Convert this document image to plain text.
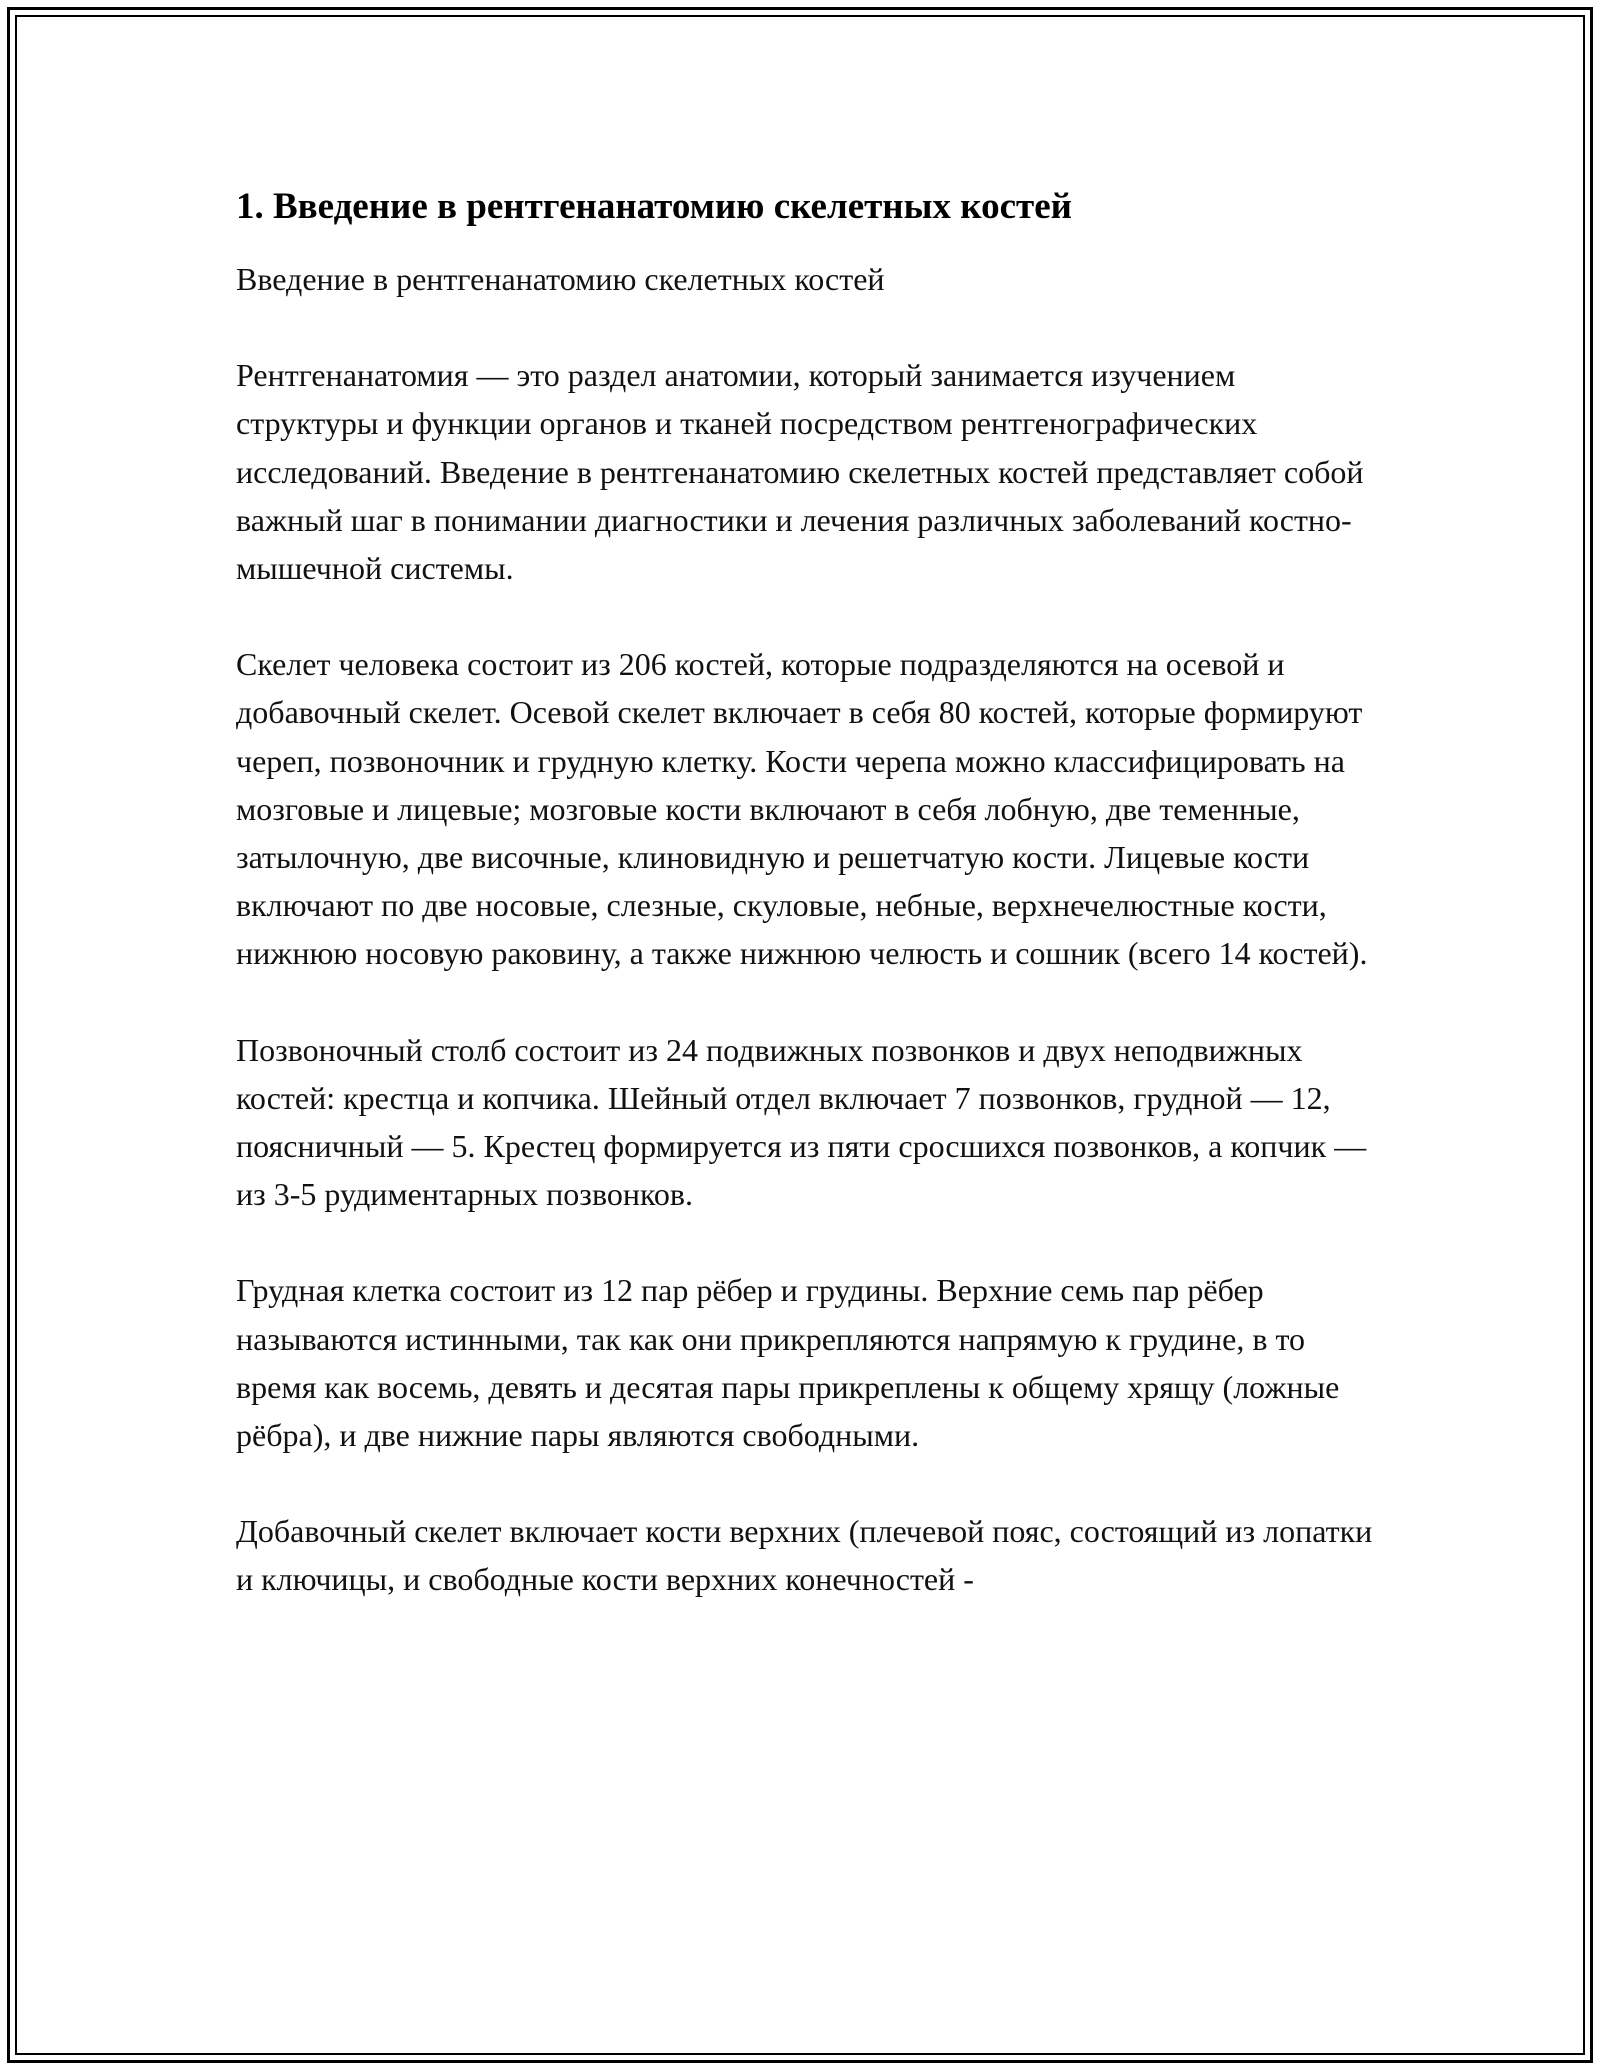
1. Введение в рентгенанатомию скелетных костей

Введение в рентгенанатомию скелетных костей

Рентгенанатомия — это раздел анатомии, который занимается изучением структуры и функции органов и тканей посредством рентгенографических исследований. Введение в рентгенанатомию скелетных костей представляет собой важный шаг в понимании диагностики и лечения различных заболеваний костно-мышечной системы.

Скелет человека состоит из 206 костей, которые подразделяются на осевой и добавочный скелет. Осевой скелет включает в себя 80 костей, которые формируют череп, позвоночник и грудную клетку. Кости черепа можно классифицировать на мозговые и лицевые; мозговые кости включают в себя лобную, две теменные, затылочную, две височные, клиновидную и решетчатую кости. Лицевые кости включают по две носовые, слезные, скуловые, небные, верхнечелюстные кости, нижнюю носовую раковину, а также нижнюю челюсть и сошник (всего 14 костей).

Позвоночный столб состоит из 24 подвижных позвонков и двух неподвижных костей: крестца и копчика. Шейный отдел включает 7 позвонков, грудной — 12, поясничный — 5. Крестец формируется из пяти сросшихся позвонков, а копчик — из 3-5 рудиментарных позвонков.

Грудная клетка состоит из 12 пар рёбер и грудины. Верхние семь пар рёбер называются истинными, так как они прикрепляются напрямую к грудине, в то время как восемь, девять и десятая пары прикреплены к общему хрящу (ложные рёбра), и две нижние пары являются свободными.

Добавочный скелет включает кости верхних (плечевой пояс, состоящий из лопатки и ключицы, и свободные кости верхних конечностей -
